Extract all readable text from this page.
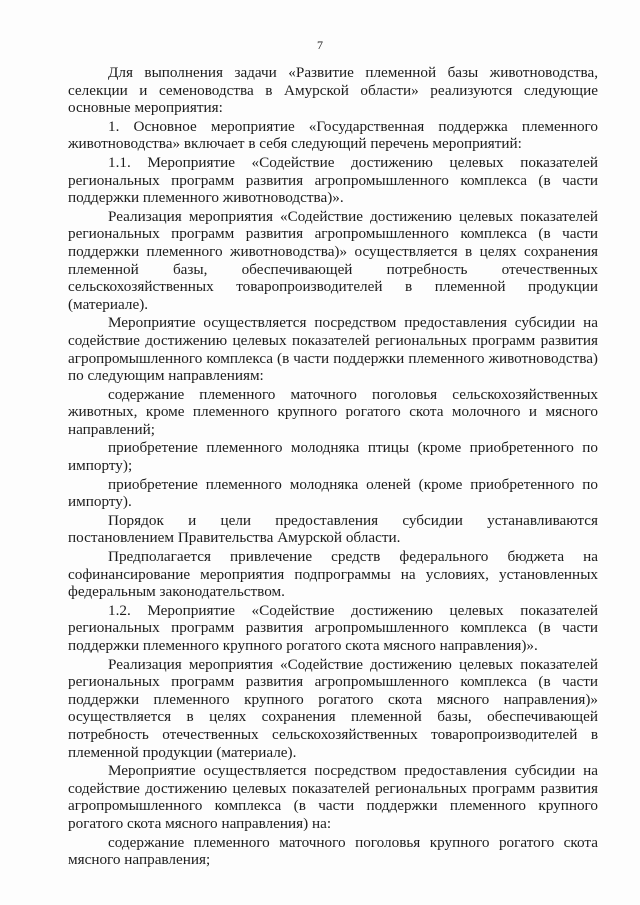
7

Для выполнения задачи «Развитие племенной базы животноводства, селекции и семеноводства в Амурской области» реализуются следующие основные мероприятия:

1. Основное мероприятие «Государственная поддержка племенного животноводства» включает в себя следующий перечень мероприятий:

1.1. Мероприятие «Содействие достижению целевых показателей региональных программ развития агропромышленного комплекса (в части поддержки племенного животноводства)».

Реализация мероприятия «Содействие достижению целевых показателей региональных программ развития агропромышленного комплекса (в части поддержки племенного животноводства)» осуществляется в целях сохранения племенной базы, обеспечивающей потребность отечественных сельскохозяйственных товаропроизводителей в племенной продукции (материале).

Мероприятие осуществляется посредством предоставления субсидии на содействие достижению целевых показателей региональных программ развития агропромышленного комплекса (в части поддержки племенного животноводства) по следующим направлениям:

содержание племенного маточного поголовья сельскохозяйственных животных, кроме племенного крупного рогатого скота молочного и мясного направлений;

приобретение племенного молодняка птицы (кроме приобретенного по импорту);

приобретение племенного молодняка оленей (кроме приобретенного по импорту).

Порядок и цели предоставления субсидии устанавливаются постановлением Правительства Амурской области.

Предполагается привлечение средств федерального бюджета на софинансирование мероприятия подпрограммы на условиях, установленных федеральным законодательством.

1.2. Мероприятие «Содействие достижению целевых показателей региональных программ развития агропромышленного комплекса (в части поддержки племенного крупного рогатого скота мясного направления)».

Реализация мероприятия «Содействие достижению целевых показателей региональных программ развития агропромышленного комплекса (в части поддержки племенного крупного рогатого скота мясного направления)» осуществляется в целях сохранения племенной базы, обеспечивающей потребность отечественных сельскохозяйственных товаропроизводителей в племенной продукции (материале).

Мероприятие осуществляется посредством предоставления субсидии на содействие достижению целевых показателей региональных программ развития агропромышленного комплекса (в части поддержки племенного крупного рогатого скота мясного направления) на:

содержание племенного маточного поголовья крупного рогатого скота мясного направления;
